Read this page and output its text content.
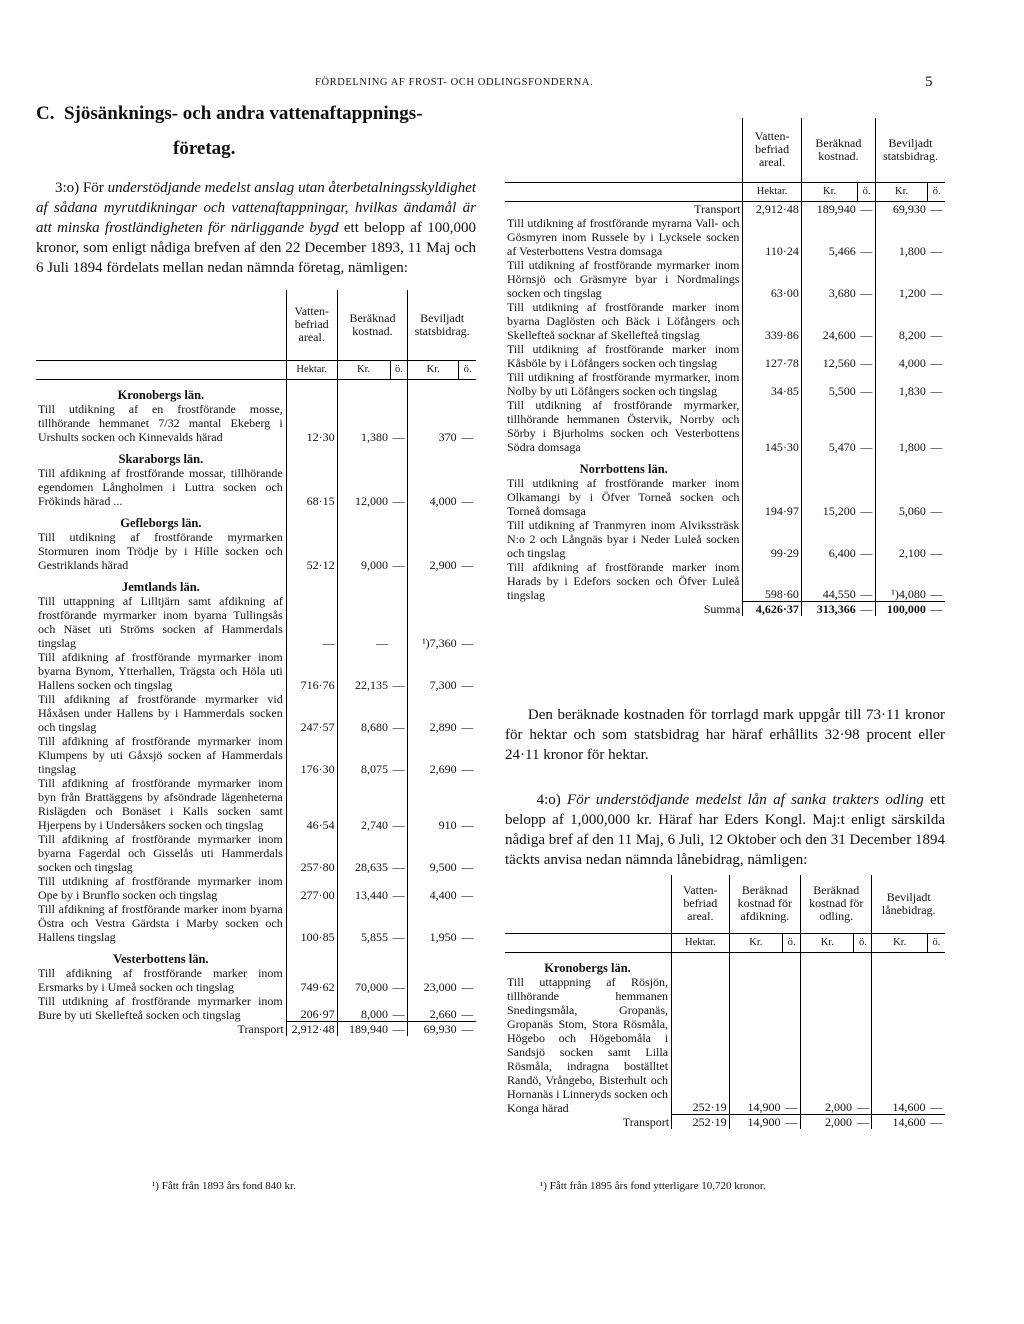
FÖRDELNING AF FROST- OCH ODLINGSFONDERNA.	5
C. Sjösänknings- och andra vattenaftappnings-
företag.
3:o) För understödjande medelst anslag utan återbetalningsskyldighet af sådana myrutdikningar och vattenaftappningar, hvilkas ändamål är att minska frostländigheten för närliggande bygd ett belopp af 100,000 kronor, som enligt nådiga brefven af den 22 December 1893, 11 Maj och 6 Juli 1894 fördelats mellan nedan nämnda företag, nämligen:
	Vatten-befriad areal.	Beräknad kostnad.		Beviljadt statsbidrag.	
	Hektar.	Kr.	ö.	Kr.	ö.

Kronobergs län.					

Till utdikning af en frostförande mosse, tillhörande hemmanet 7/32 mantal Ekeberg i Urshults socken och Kinnevalds härad	12·30	1,380	—	370	—

Skaraborgs län.					

Till afdikning af frostförande mossar, tillhörande egendomen Långholmen i Luttra socken och Frökinds härad ...	68·15	12,000	—	4,000	—

Gefleborgs län.					

Till utdikning af frostförande myrmarken Stormuren inom Trödje by i Hille socken och Gestriklands härad	52·12	9,000	—	2,900	—

Jemtlands län.					

Till uttappning af Lilltjärn samt afdikning af frostförande myrmarker inom byarna Tullingsås och Näset uti Ströms socken af Hammerdals tingslag	—	—		¹)7,360	—
Till afdikning af frostförande myrmarker inom byarna Bynom, Ytterhallen, Trägsta och Höla uti Hallens socken och tingslag	716·76	22,135	—	7,300	—
Till afdikning af frostförande myrmarker vid Håxåsen under Hallens by i Hammerdals socken och tingslag	247·57	8,680	—	2,890	—
Till afdikning af frostförande myrmarker inom Klumpens by uti Gåxsjö socken af Hammerdals tingslag	176·30	8,075	—	2,690	—
Till afdikning af frostförande myrmarker inom byn från Brattäggens by afsöndrade lägenheterna Rislägden och Bonäset i Kalls socken samt Hjerpens by i Undersåkers socken och tingslag	46·54	2,740	—	910	—
Till afdikning af frostförande myrmarker inom byarna Fagerdal och Gisselås uti Hammerdals socken och tingslag	257·80	28,635	—	9,500	—
Till utdikning af frostförande myrmarker inom Ope by i Brunflo socken och tingslag	277·00	13,440	—	4,400	—
Till afdikning af frostförande marker inom byarna Östra och Vestra Gärdsta i Marby socken och Hallens tingslag	100·85	5,855	—	1,950	—

Vesterbottens län.					

Till afdikning af frostförande marker inom Ersmarks by i Umeå socken och tingslag	749·62	70,000	—	23,000	—
Till utdikning af frostförande myrmarker inom Bure by uti Skellefteå socken och tingslag	206·97	8,000	—	2,660	—
Transport	2,912·48	189,940	—	69,930	—
¹) Fått från 1893 års fond 840 kr.
	Vatten-befriad areal.	Beräknad kostnad.		Beviljadt statsbidrag.	
	Hektar.	Kr.	ö.	Kr.	ö.
Transport	2,912·48	189,940	—	69,930	—
Till utdikning af frostförande myrarna Vall- och Gösmyren inom Russele by i Lycksele socken af Vesterbottens Vestra domsaga	110·24	5,466	—	1,800	—
Till utdikning af frostförande myrmarker inom Hörnsjö och Gräsmyre byar i Nordmalings socken och tingslag	63·00	3,680	—	1,200	—
Till utdikning af frostförande marker inom byarna Daglösten och Bäck i Löfångers och Skellefteå socknar af Skellefteå tingslag	339·86	24,600	—	8,200	—
Till utdikning af frostförande marker inom Kåsböle by i Löfångers socken och tingslag	127·78	12,560	—	4,000	—
Till utdikning af frostförande myrmarker, inom Nolby by uti Löfångers socken och tingslag	34·85	5,500	—	1,830	—
Till utdikning af frostförande myrmarker, tillhörande hemmanen Östervik, Norrby och Sörby i Bjurholms socken och Vesterbottens Södra domsaga	145·30	5,470	—	1,800	—

Norrbottens län.					

Till utdikning af frostförande marker inom Olkamangi by i Öfver Torneå socken och Torneå domsaga	194·97	15,200	—	5,060	—
Till utdikning af Tranmyren inom Alvikssträsk N:o 2 och Långnäs byar i Neder Luleå socken och tingslag	99·29	6,400	—	2,100	—
Till afdikning af frostförande marker inom Harads by i Edefors socken och Öfver Luleå tingslag	598·60	44,550	—	¹)4,080	—
Summa	4,626·37	313,366	—	100,000	—
Den beräknade kostnaden för torrlagd mark uppgår till 73·11 kronor för hektar och som statsbidrag har häraf erhållits 32·98 procent eller 24·11 kronor för hektar.
4:o) För understödjande medelst lån af sanka trakters odling ett belopp af 1,000,000 kr. Häraf har Eders Kongl. Maj:t enligt särskilda nådiga bref af den 11 Maj, 6 Juli, 12 Oktober och den 31 December 1894 täckts anvisa nedan nämnda lånebidrag, nämligen:
	Vatten-befriad areal.	Beräknad kostnad för afdikning.		Beräknad kostnad för odling.		Beviljadt lånebidrag.	
	Hektar.	Kr.	ö.	Kr.	ö.	Kr.	ö.

Kronobergs län.
Till uttappning af Rösjön, tillhörande hemmanen Snedingsmåla, Gropanäs, Gropanäs Stom, Stora Rösmåla, Högebo och Högebomåla i Sandsjö socken samt Lilla Rösmåla, indragna boställtet Randö, Vrångebo, Bisterhult och Hornanäs i Linneryds socken och Konga härad	252·19	14,900	—	2,000	—	14,600	—
Transport	252·19	14,900	—	2,000	—	14,600	—
¹) Fått från 1895 års fond ytterligare 10,720 kronor.
